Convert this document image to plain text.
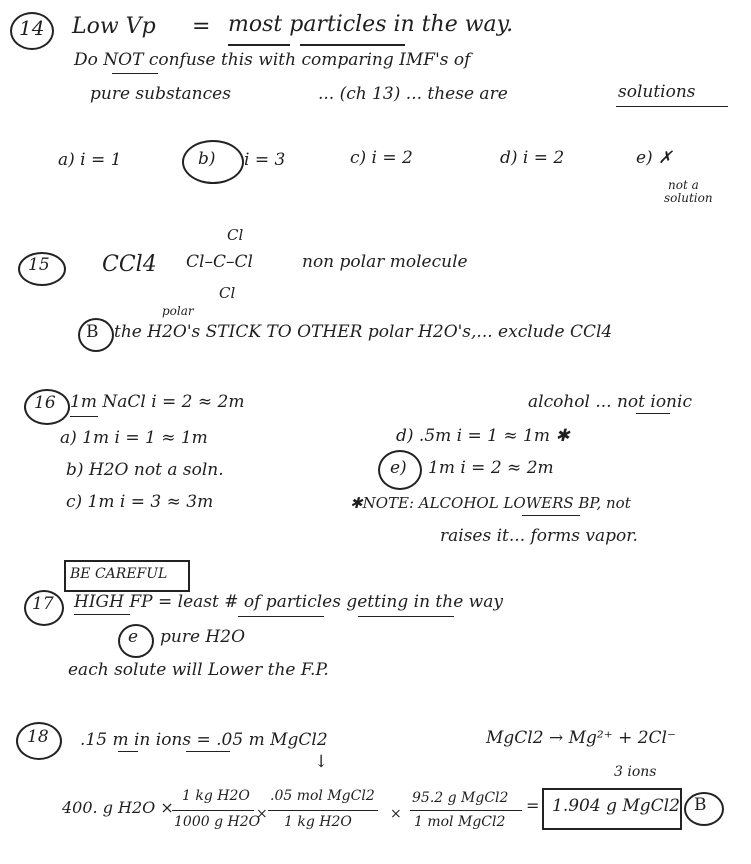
14 Low Vp = most particles in the way.
Do NOT confuse this with comparing IMF's of
pure substances	... (ch 13) ... these are	solutions
a) i = 1	b) i = 3	c) i = 2	d) i = 2	e) ✗
not a
solution
15 CCl4
Cl
Cl–C–Cl
Cl
non polar molecule
polar
B the H2O's STICK TO OTHER polar H2O's,... exclude CCl4
16 1m NaCl i = 2 ≈ 2m
a) 1m i = 1 ≈ 1m
b) H2O not a soln.
c) 1m i = 3 ≈ 3m
alcohol ... not ionic
d) .5m i = 1 ≈ 1m ✱
e) 1m i = 2 ≈ 2m
✱NOTE: ALCOHOL LOWERS BP, not
raises it... forms vapor.
BE CAREFUL
17 HIGH FP = least # of particles getting in the way
e pure H2O
each solute will Lower the F.P.
18 .15 m in ions = .05 m MgCl2
↓
MgCl2 → Mg²⁺ + 2Cl⁻
3 ions
400. g H2O ×
1 kg H2O
1000 g H2O
×
.05 mol MgCl2
1 kg H2O	×
95.2 g MgCl2
1 mol MgCl2
= 1.904 g MgCl2 B
